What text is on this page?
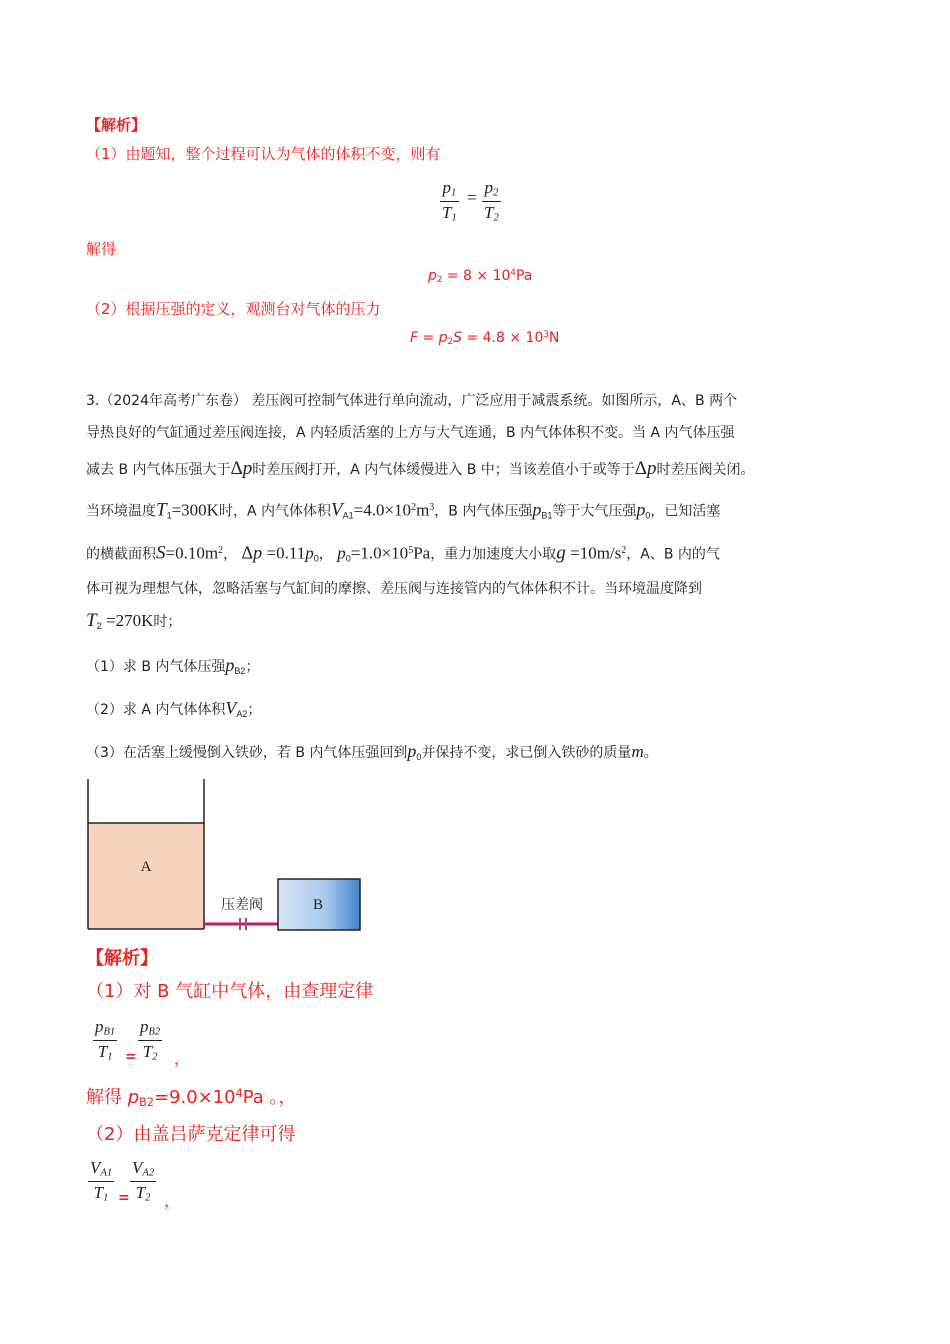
【解析】
（1）由题知，整个过程可认为气体的体积不变，则有
$p_1$
$T_1$
=
$p_2$
$T_2$
解得
$p_2 = 8 \times 10^4Pa$
（2）根据压强的定义，观测台对气体的压力
$F = p_2S = 4.8 \times 10^3N$
3.（2024年高考广东卷） 差压阀可控制气体进行单向流动，广泛应用于减震系统。如图所示，A、B 两个
导热良好的气缸通过差压阀连接，A 内轻质活塞的上方与大气连通，B 内气体体积不变。当 A 内气体压强
减去 B 内气体压强大于Δp时差压阀打开，A 内气体缓慢进入 B 中；当该差值小于或等于Δp时差压阀关闭。
当环境温度$T_1=300K$时，A 内气体体积$V_{A1}=4.0\times 10^2m^3$，B 内气体压强$p_{B1}$等于大气压强$p_0$，已知活塞
的横截面积$S=0.10m^2$， $\Delta p =0.11p_0$， $p_0=1.0\times 10^5Pa$，重力加速度大小取$g =10m/s^2$，A、B 内的气
体可视为理想气体，忽略活塞与气缸间的摩擦、差压阀与连接管内的气体体积不计。当环境温度降到
$T_2 =270K$时；
（1）求 B 内气体压强$p_{B2}$；
（2）求 A 内气体体积$V_{A2}$；
（3）在活塞上缓慢倒入铁砂，若 B 内气体压强回到$p_0$并保持不变，求已倒入铁砂的质量m。
A
压差阀	B
【解析】
（1）对 B 气缸中气体，由查理定律
$p_{B1}$
$T_1$ =
$p_{B2}$
$T_2$ ，
解得 $p_{B2}=9.0\times 10^4Pa$ 。，
（2）由盖吕萨克定律可得
$V_{A1}$
$T_1$ =
$V_{A2}$
$T_2$ ，
